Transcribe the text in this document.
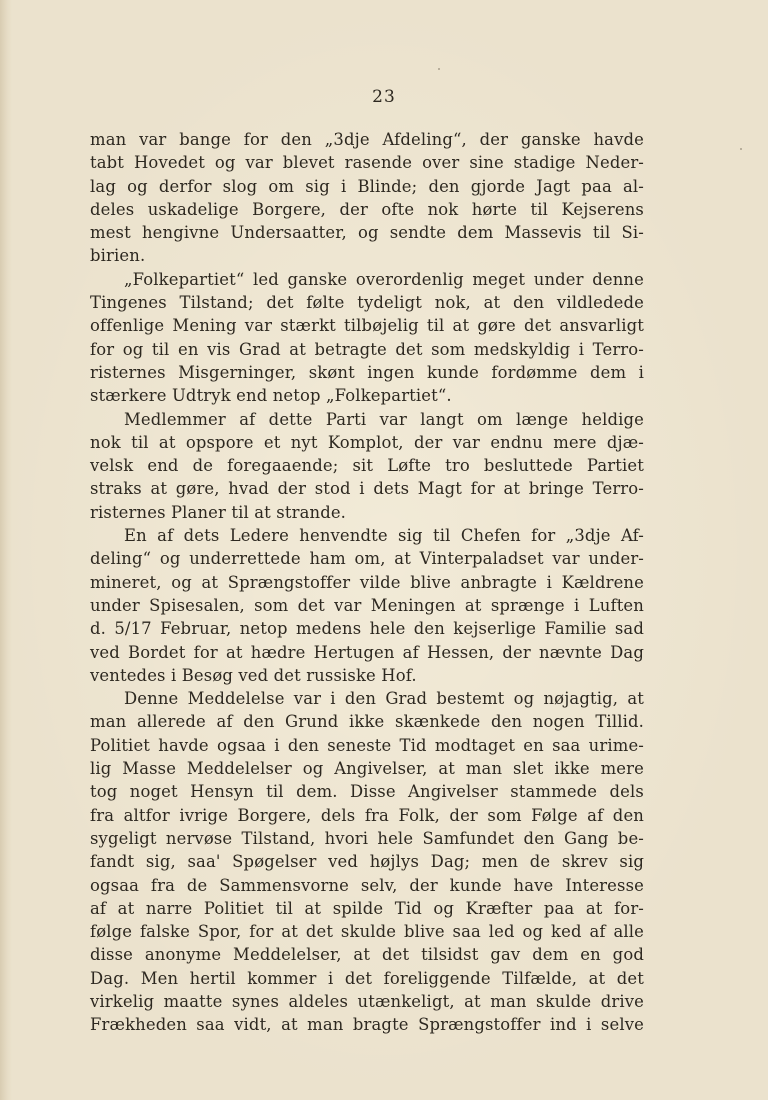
23
man var bange for den „3dje Afdeling“, der ganske havde
tabt Hovedet og var blevet rasende over sine stadige Neder-
lag og derfor slog om sig i Blinde; den gjorde Jagt paa al-
deles uskadelige Borgere, der ofte nok hørte til Kejserens
mest hengivne Undersaatter, og sendte dem Massevis til Si-
birien.
„Folkepartiet“ led ganske overordenlig meget under denne
Tingenes Tilstand; det følte tydeligt nok, at den vildledede
offenlige Mening var stærkt tilbøjelig til at gøre det ansvarligt
for og til en vis Grad at betragte det som medskyldig i Terro-
risternes Misgerninger, skønt ingen kunde fordømme dem i
stærkere Udtryk end netop „Folkepartiet“.
Medlemmer af dette Parti var langt om længe heldige
nok til at opspore et nyt Komplot, der var endnu mere djæ-
velsk end de foregaaende; sit Løfte tro besluttede Partiet
straks at gøre, hvad der stod i dets Magt for at bringe Terro-
risternes Planer til at strande.
En af dets Ledere henvendte sig til Chefen for „3dje Af-
deling“ og underrettede ham om, at Vinterpaladset var under-
mineret, og at Sprængstoffer vilde blive anbragte i Kældrene
under Spisesalen, som det var Meningen at sprænge i Luften
d. 5/17 Februar, netop medens hele den kejserlige Familie sad
ved Bordet for at hædre Hertugen af Hessen, der nævnte Dag
ventedes i Besøg ved det russiske Hof.
Denne Meddelelse var i den Grad bestemt og nøjagtig, at
man allerede af den Grund ikke skænkede den nogen Tillid.
Politiet havde ogsaa i den seneste Tid modtaget en saa urime-
lig Masse Meddelelser og Angivelser, at man slet ikke mere
tog noget Hensyn til dem. Disse Angivelser stammede dels
fra altfor ivrige Borgere, dels fra Folk, der som Følge af den
sygeligt nervøse Tilstand, hvori hele Samfundet den Gang be-
fandt sig, saa' Spøgelser ved højlys Dag; men de skrev sig
ogsaa fra de Sammensvorne selv, der kunde have Interesse
af at narre Politiet til at spilde Tid og Kræfter paa at for-
følge falske Spor, for at det skulde blive saa led og ked af alle
disse anonyme Meddelelser, at det tilsidst gav dem en god
Dag. Men hertil kommer i det foreliggende Tilfælde, at det
virkelig maatte synes aldeles utænkeligt, at man skulde drive
Frækheden saa vidt, at man bragte Sprængstoffer ind i selve
